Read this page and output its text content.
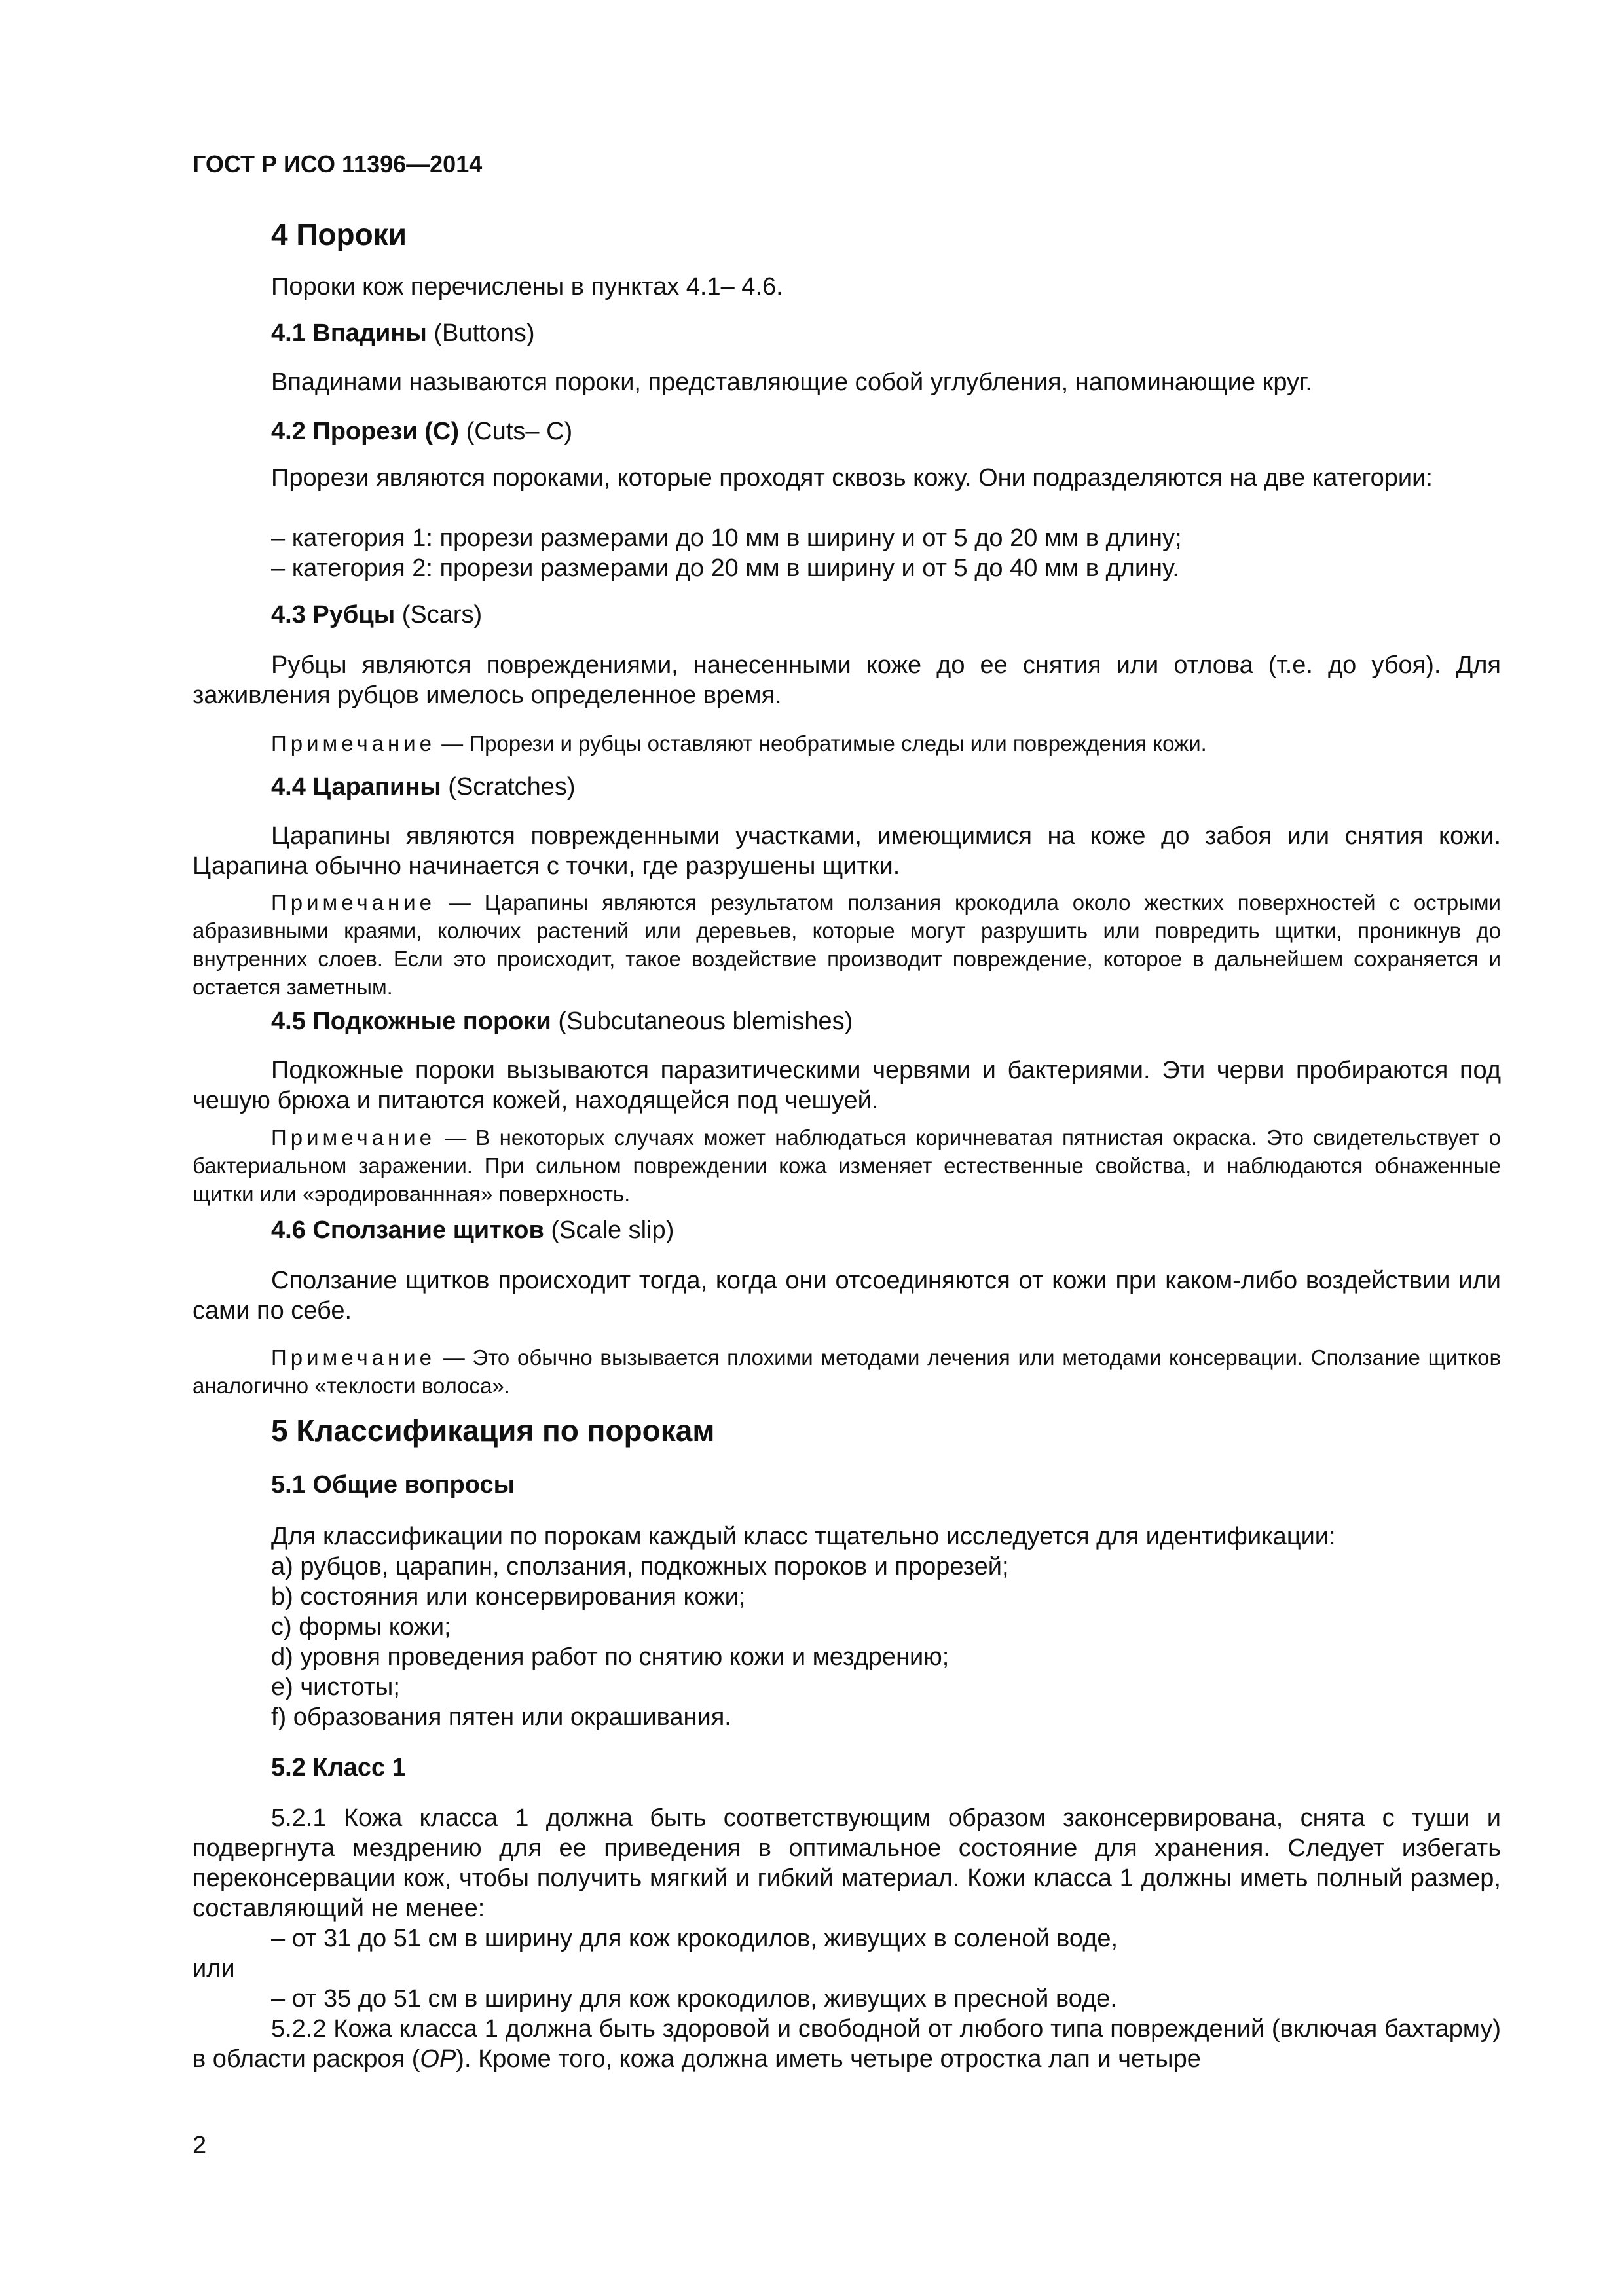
ГОСТ Р ИСО 11396—2014
4 Пороки
Пороки кож перечислены в пунктах 4.1– 4.6.
4.1 Впадины (Buttons)
Впадинами называются пороки, представляющие собой углубления, напоминающие круг.
4.2 Прорези (С) (Cuts– C)
Прорези являются пороками, которые проходят сквозь кожу. Они подразделяются на две категории:
– категория 1: прорези размерами до 10 мм в ширину и от 5 до 20 мм в длину;
– категория 2: прорези размерами до 20 мм в ширину и от 5 до 40 мм в длину.
4.3 Рубцы (Scars)
Рубцы являются повреждениями, нанесенными коже до ее снятия или отлова (т.е. до убоя). Для заживления рубцов имелось определенное время.
Примечание — Прорези и рубцы оставляют необратимые следы или повреждения кожи.
4.4 Царапины (Scratches)
Царапины являются поврежденными участками, имеющимися на коже до забоя или снятия кожи. Царапина обычно начинается с точки, где разрушены щитки.
Примечание — Царапины являются результатом ползания крокодила около жестких поверхностей с острыми абразивными краями, колючих растений или деревьев, которые могут разрушить или повредить щитки, проникнув до внутренних слоев. Если это происходит, такое воздействие производит повреждение, которое в дальнейшем сохраняется и остается заметным.
4.5 Подкожные пороки (Subcutaneous blemishes)
Подкожные пороки вызываются паразитическими червями и бактериями. Эти черви пробираются под чешую брюха и питаются кожей, находящейся под чешуей.
Примечание — В некоторых случаях может наблюдаться коричневатая пятнистая окраска. Это свидетельствует о бактериальном заражении. При сильном повреждении кожа изменяет естественные свойства, и наблюдаются обнаженные щитки или «эродированнная» поверхность.
4.6 Сползание щитков (Scale slip)
Сползание щитков происходит тогда, когда они отсоединяются от кожи при каком-либо воздействии или сами по себе.
Примечание — Это обычно вызывается плохими методами лечения или методами консервации. Сползание щитков аналогично «теклости волоса».
5 Классификация по порокам
5.1 Общие вопросы
Для классификации по порокам каждый класс тщательно исследуется для идентификации:
a) рубцов, царапин, сползания, подкожных пороков и прорезей;
b) состояния или консервирования кожи;
c) формы кожи;
d) уровня проведения работ по снятию кожи и мездрению;
e) чистоты;
f) образования пятен или окрашивания.
5.2 Класс 1
5.2.1 Кожа класса 1 должна быть соответствующим образом законсервирована, снята с туши и подвергнута мездрению для ее приведения в оптимальное состояние для хранения. Следует избегать переконсервации кож, чтобы получить мягкий и гибкий материал. Кожи класса 1 должны иметь полный размер, составляющий не менее:
– от 31 до 51 см в ширину для кож крокодилов, живущих в соленой воде,
или
– от 35 до 51 см в ширину для кож крокодилов, живущих в пресной воде.
5.2.2 Кожа класса 1 должна быть здоровой и свободной от любого типа повреждений (включая бахтарму) в области раскроя (OP). Кроме того, кожа должна иметь четыре отростка лап и четыре
2
